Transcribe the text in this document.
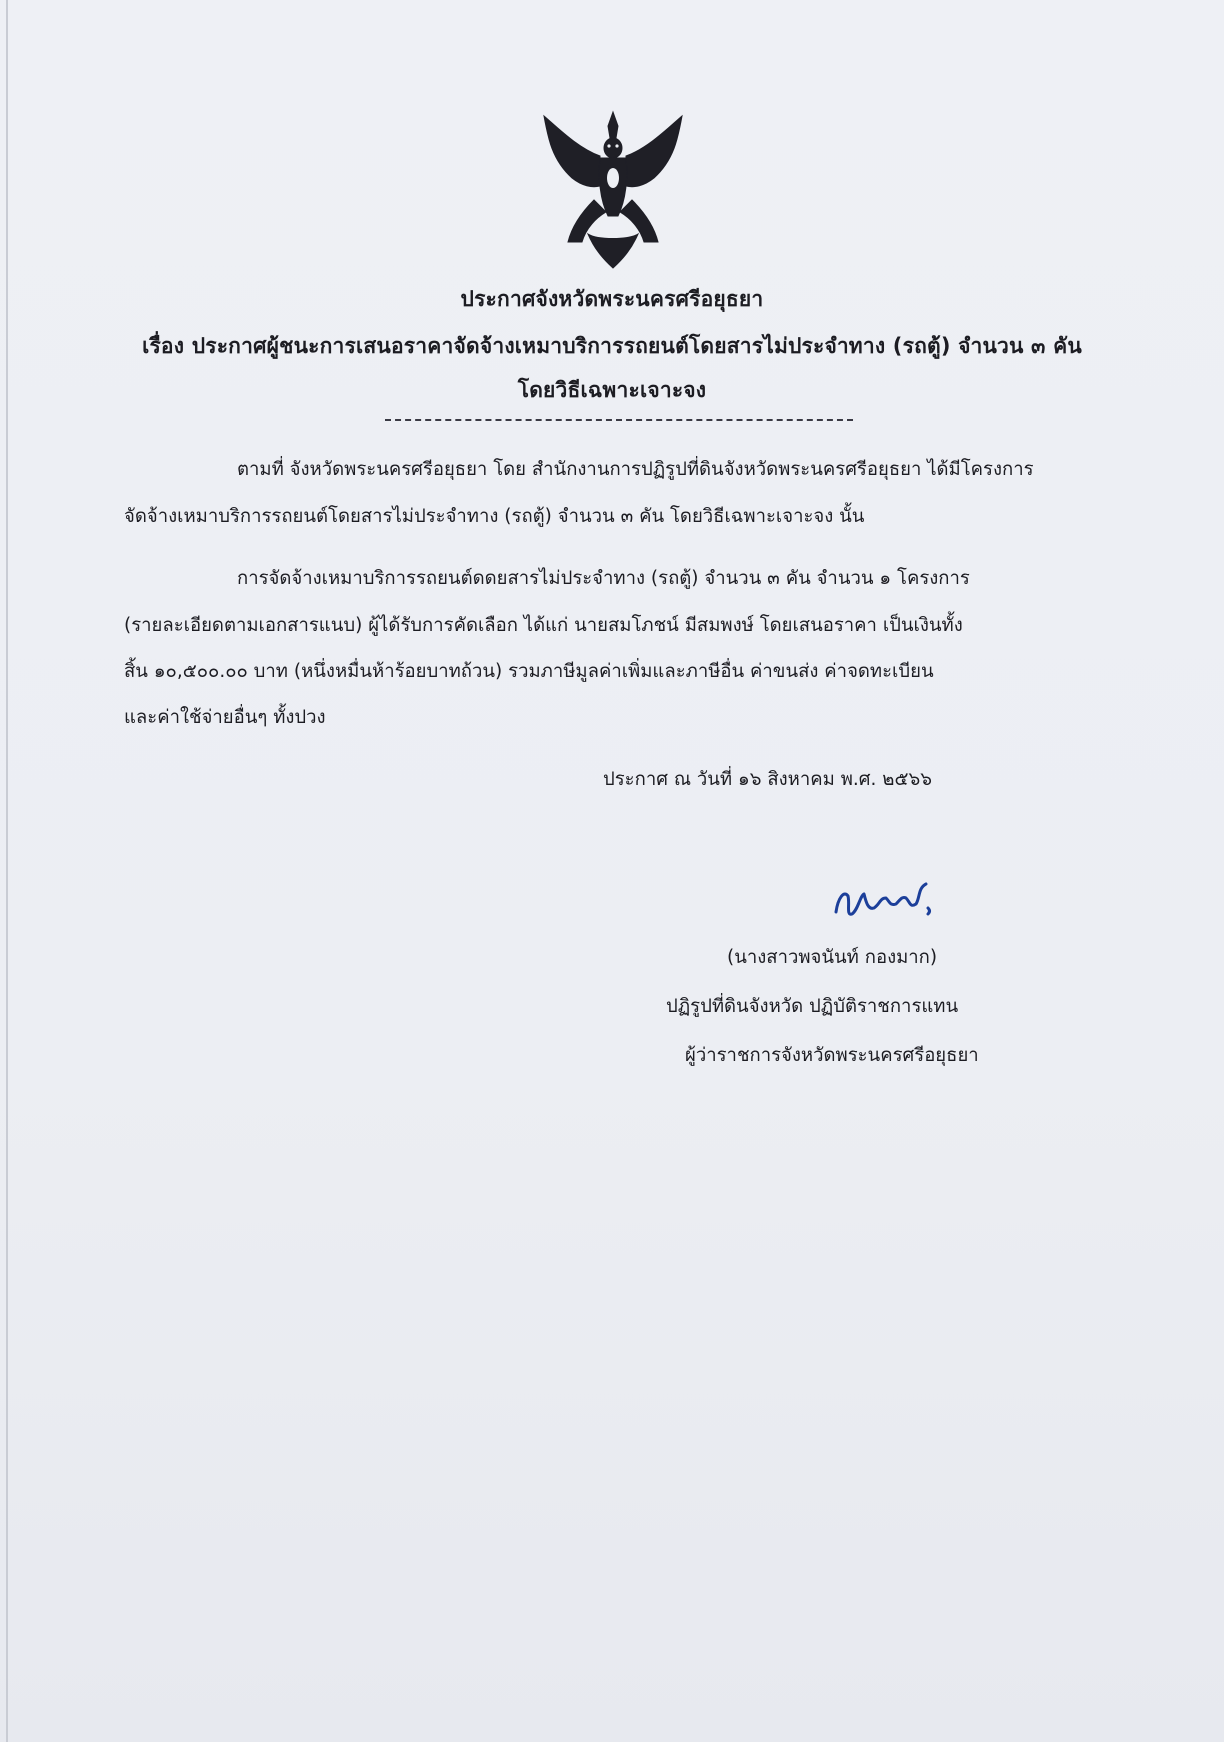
ประกาศจังหวัดพระนครศรีอยุธยา
เรื่อง ประกาศผู้ชนะการเสนอราคาจัดจ้างเหมาบริการรถยนต์โดยสารไม่ประจำทาง (รถตู้) จำนวน ๓ คัน
โดยวิธีเฉพาะเจาะจง
ตามที่ จังหวัดพระนครศรีอยุธยา โดย สำนักงานการปฏิรูปที่ดินจังหวัดพระนครศรีอยุธยา ได้มีโครงการ
จัดจ้างเหมาบริการรถยนต์โดยสารไม่ประจำทาง (รถตู้) จำนวน ๓ คัน โดยวิธีเฉพาะเจาะจง นั้น
การจัดจ้างเหมาบริการรถยนต์ดดยสารไม่ประจำทาง (รถตู้) จำนวน ๓ คัน จำนวน ๑ โครงการ
(รายละเอียดตามเอกสารแนบ) ผู้ได้รับการคัดเลือก ได้แก่ นายสมโภชน์ มีสมพงษ์ โดยเสนอราคา เป็นเงินทั้ง
สิ้น ๑๐,๕๐๐.๐๐ บาท (หนึ่งหมื่นห้าร้อยบาทถ้วน) รวมภาษีมูลค่าเพิ่มและภาษีอื่น ค่าขนส่ง ค่าจดทะเบียน
และค่าใช้จ่ายอื่นๆ ทั้งปวง
ประกาศ ณ วันที่ ๑๖ สิงหาคม พ.ศ. ๒๕๖๖
(นางสาวพจนันท์ กองมาก)
ปฏิรูปที่ดินจังหวัด ปฏิบัติราชการแทน
ผู้ว่าราชการจังหวัดพระนครศรีอยุธยา
